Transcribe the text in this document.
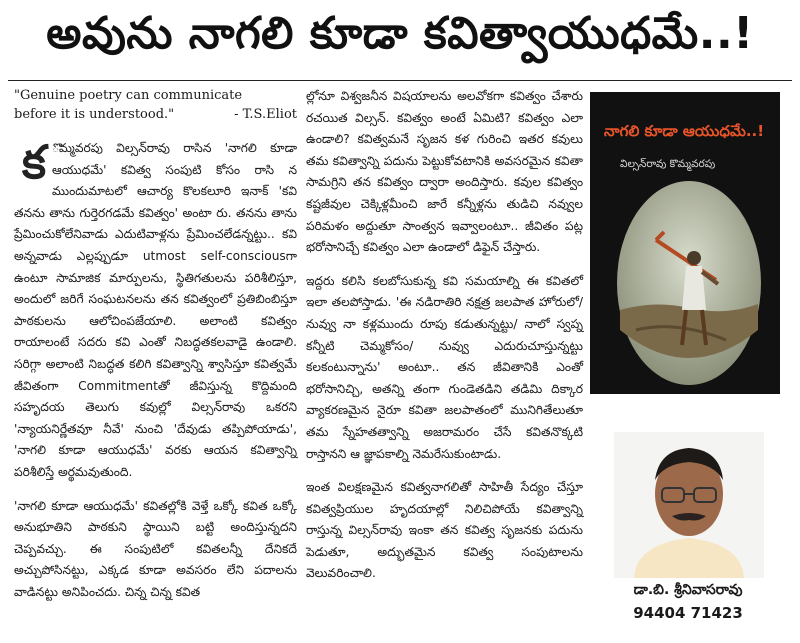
అవును నాగలి కూడా కవిత్వాయుధమే..!
"Genuine poetry can communicate
before it is understood."	- T.S.Eliot

క ొమ్మవరపు విల్సన్‌రావు రాసిన 'నాగలి కూడా ఆయుధమే' కవిత్వ సంపుటి కోసం రాసి న ముందుమాటలో ఆచార్య కొలకలూరి ఇనాక్ 'కవి తనను తాను గుర్తెరగడమే కవిత్వం' అంటా రు. తనను తాను ప్రేమించుకోలేనివాడు ఎదుటివాళ్లను ప్రేమించలేడన్నట్టు.. కవి అన్నవాడు ఎల్లప్పుడూ utmost self-consciousగా ఉంటూ సామాజిక మార్పులను, స్థితిగతులను పరిశీలిస్తూ, అందులో జరిగే సంఘటనలను తన కవిత్వంలో ప్రతిబింబిస్తూ పాఠకులను ఆలోచింపజేయాలి. అలాంటి కవిత్వం రాయాలంటే సదరు కవి ఎంతో నిబద్ధతకలవాడై ఉండాలి. సరిగ్గా అలాంటి నిబద్ధత కలిగి కవిత్వాన్ని శ్వాసిస్తూ కవిత్వమే జీవితంగా Commitmentతో జీవిస్తున్న కొద్దిమంది సహృదయ తెలుగు కవుల్లో విల్సన్‌రావు ఒకరని 'న్యాయనిర్ణేతవూ నీవే' నుంచి 'దేవుడు తప్పిపోయాడు', 'నాగలి కూడా ఆయుధమే' వరకు ఆయన కవిత్వాన్ని పరిశీలిస్తే అర్థమవుతుంది.

'నాగలి కూడా ఆయుధమే' కవితల్లోకి వెళ్తే ఒక్కో కవిత ఒక్కో అనుభూతిని పాఠకుని స్థాయిని బట్టి అందిస్తున్నదని చెప్పవచ్చు. ఈ సంపుటిలో కవితలన్నీ దేనికదే అచ్చుపోసినట్టు, ఎక్కడ కూడా అవసరం లేని పదాలను వాడినట్టు అనిపించదు. చిన్న చిన్న కవిత

ల్లోనూ విశ్వజనీన విషయాలను అలవోకగా కవిత్వం చేశారు రచయిత విల్సన్. కవిత్వం అంటే ఏమిటి? కవిత్వం ఎలా ఉండాలి? కవిత్వమనే సృజన కళ గురించి ఇతర కవులు తమ కవిత్వాన్ని పదును పెట్టుకోవటానికి అవసరమైన కవితా సామగ్రిని తన కవిత్వం ద్వారా అందిస్తారు. కవుల కవిత్వం కష్టజీవుల చెక్కిళ్లమీంచి జారే కన్నీళ్లను తుడిచి నవ్వుల పరిమళం అద్దుతూ సాంత్వన ఇవ్వాలంటూ.. జీవితం పట్ల భరోసానిచ్చే కవిత్వం ఎలా ఉండాలో డిఫైన్ చేస్తారు.

ఇద్దరు కలిసి కలబోసుకున్న కవి సమయాల్ని ఈ కవితలో ఇలా తలపోస్తాడు. 'ఈ నడిరాతిరి నక్షత్ర జలపాత హోరులో/ నువ్వు నా కళ్లముందు రూపు కడుతున్నట్టు/ నాలో స్వప్న కన్నీటి చెమ్మకోసం/ నువ్వు ఎదురుచూస్తున్నట్టు కలకంటున్నాను' అంటూ.. తన జీవితానికి ఎంతో భరోసానిచ్చి, అతన్ని తంగా గుండెతడిని తడిమి దిక్కార వ్యాకరణమైన నైరూ కవితా జలపాతంలో మునిగితేలుతూ తమ స్నేహతత్వాన్ని అజరామరం చేసే కవితనొక్కటి రాస్తానని ఆ జ్ఞాపకాల్ని నెమరేసుకుంటాడు.

ఇంత విలక్షణమైన కవిత్వనాగలితో సాహితీ సేద్యం చేస్తూ కవిత్వప్రియుల హృదయాల్లో నిలిచిపోయే కవిత్వాన్ని రాస్తున్న విల్సన్‌రావు ఇంకా తన కవిత్వ సృజనకు పదును పెడుతూ, అద్భుతమైన కవిత్వ సంపుటాలను వెలువరించాలి.

నాగలి కూడా ఆయుధమే..!
విల్సన్‌రావు కొమ్మవరపు
డా.బి. శ్రీనివాసరావు
94404 71423
